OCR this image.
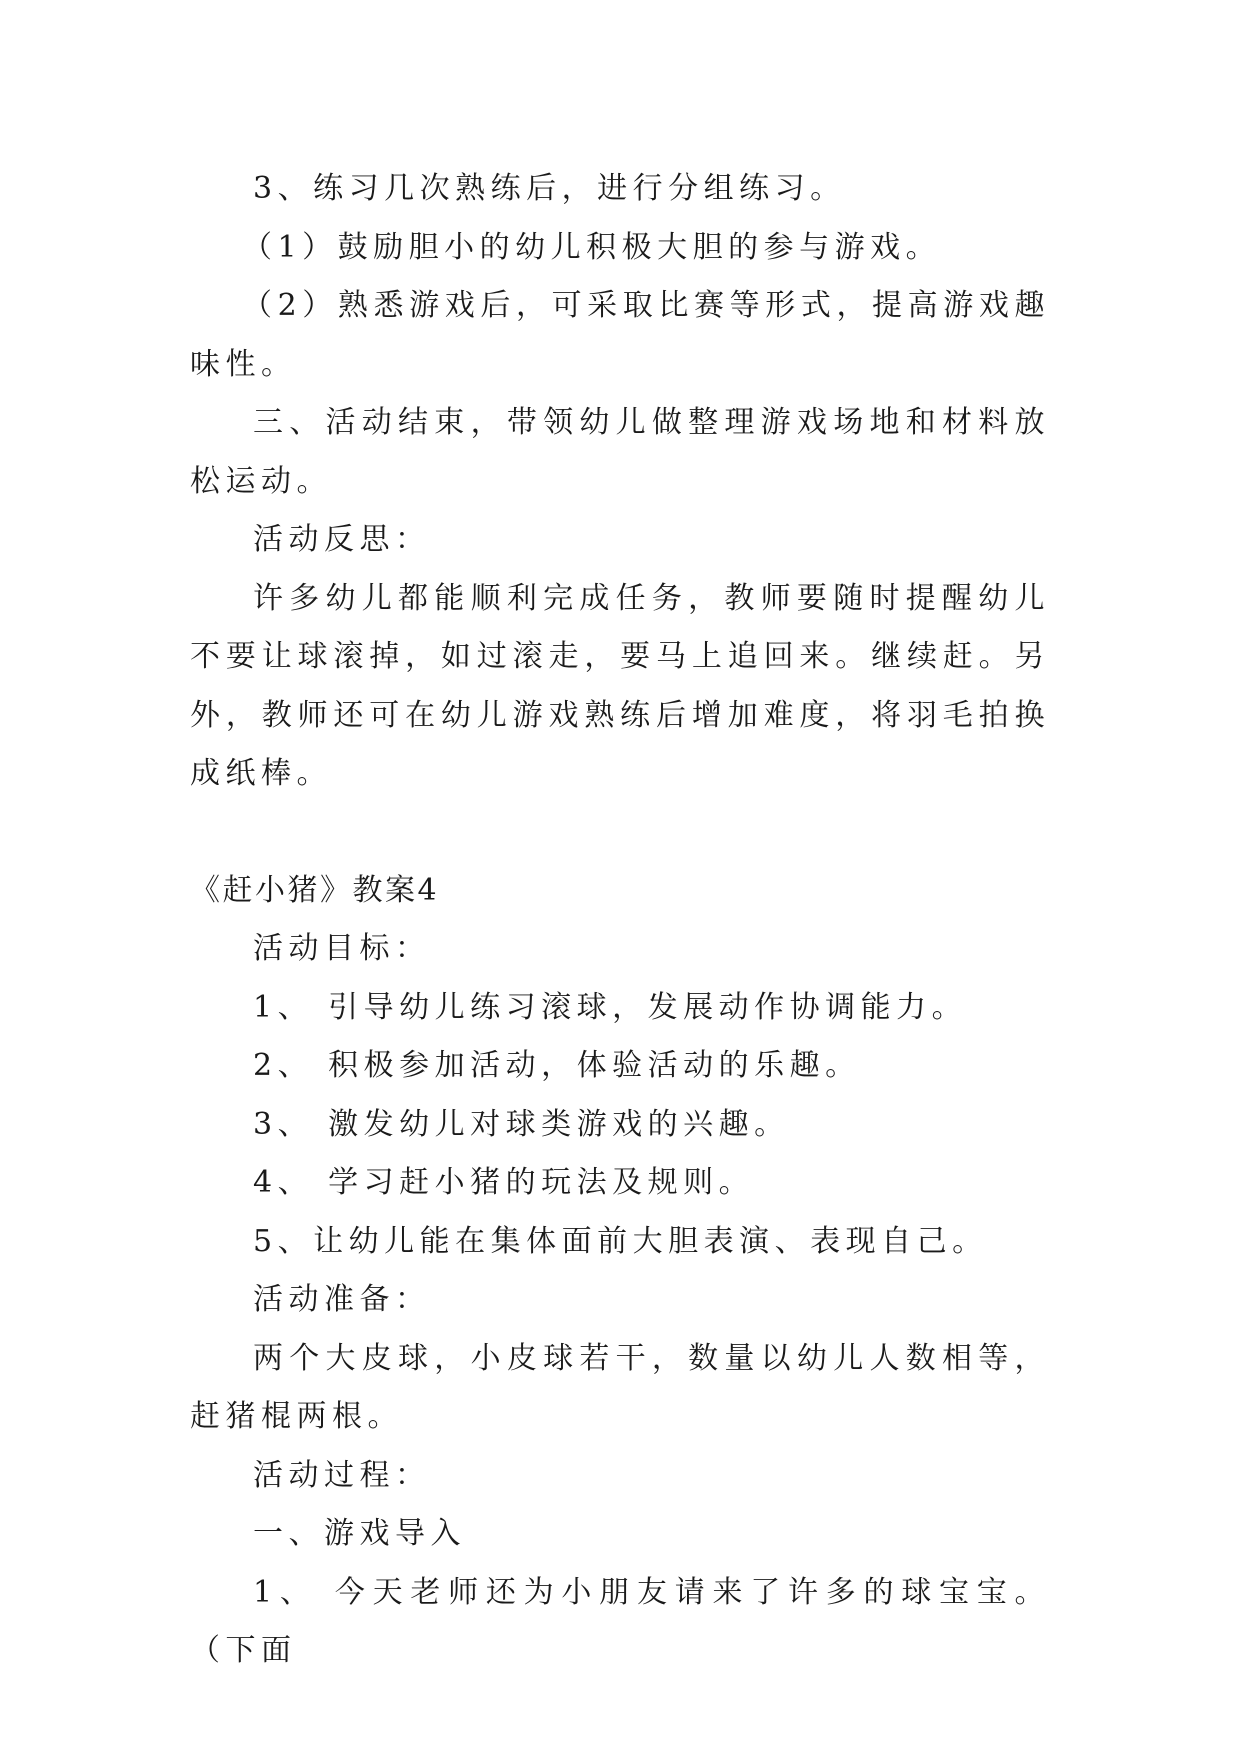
3、练习几次熟练后，进行分组练习。

（1）鼓励胆小的幼儿积极大胆的参与游戏。

（2）熟悉游戏后，可采取比赛等形式，提高游戏趣味性。

三、活动结束，带领幼儿做整理游戏场地和材料放松运动。

活动反思：

许多幼儿都能顺利完成任务，教师要随时提醒幼儿不要让球滚掉，如过滚走，要马上追回来。继续赶。另外，教师还可在幼儿游戏熟练后增加难度，将羽毛拍换成纸棒。

《赶小猪》教案4

活动目标：

1、 引导幼儿练习滚球，发展动作协调能力。

2、 积极参加活动，体验活动的乐趣。

3、 激发幼儿对球类游戏的兴趣。

4、 学习赶小猪的玩法及规则。

5、让幼儿能在集体面前大胆表演、表现自己。

活动准备：

两个大皮球，小皮球若干，数量以幼儿人数相等，赶猪棍两根。

活动过程：

一、游戏导入

1、 今天老师还为小朋友请来了许多的球宝宝。（下面
